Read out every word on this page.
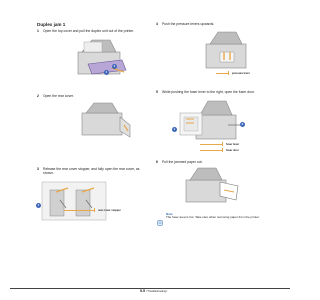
Duplex jam 1
1 Open the top cover and pull the duplex unit out of the printer.
2
1
2 Open the rear cover.
3 Release the rear cover stopper, and fully open the rear cover, as shown.
1
rear cover stopper
4 Push the pressure levers upwards.
pressure lever
5 While pushing the fuser lever to the right, open the fuser door.
1
2
fuser lever
fuser door
6 Pull the jammed paper out.
Note
The fuser area is hot. Take care when removing paper from the printer.
5.5 <Troubleshooting>
